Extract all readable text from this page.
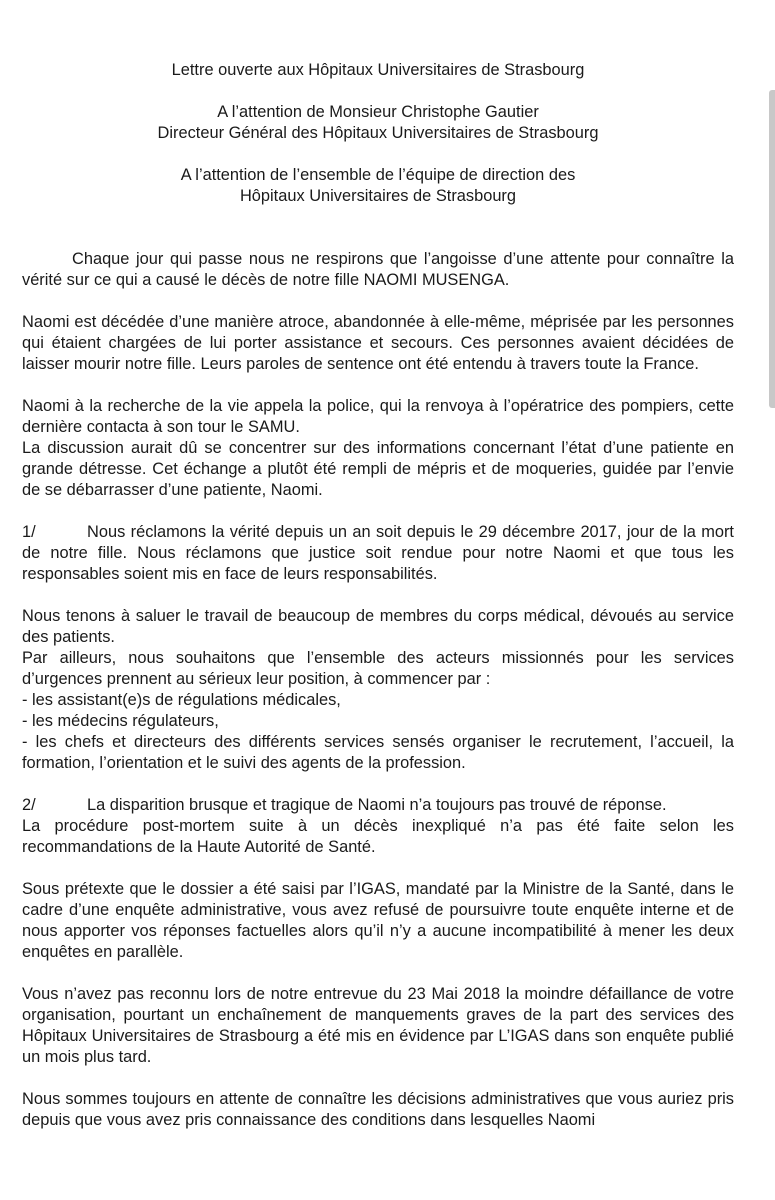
Lettre ouverte aux Hôpitaux Universitaires de Strasbourg

A l’attention de Monsieur Christophe Gautier

Directeur Général des Hôpitaux Universitaires de Strasbourg

A l’attention de l’ensemble de l’équipe de direction des

Hôpitaux Universitaires de Strasbourg

Chaque jour qui passe nous ne respirons que l’angoisse d’une attente pour connaître la vérité sur ce qui a causé le décès de notre fille NAOMI MUSENGA.

Naomi est décédée d’une manière atroce, abandonnée à elle-même, méprisée par les personnes qui étaient chargées de lui porter assistance et secours. Ces personnes avaient décidées de laisser mourir notre fille. Leurs paroles de sentence ont été entendu à travers toute la France.

Naomi à la recherche de la vie appela la police, qui la renvoya à l’opératrice des pompiers, cette dernière contacta à son tour le SAMU.

La discussion aurait dû se concentrer sur des informations concernant l’état d’une patiente en grande détresse. Cet échange a plutôt été rempli de mépris et de moqueries, guidée par l’envie de se débarrasser d’une patiente, Naomi.

1/	Nous réclamons la vérité depuis un an soit depuis le 29 décembre 2017, jour de la mort de notre fille. Nous réclamons que justice soit rendue pour notre Naomi et que tous les responsables soient mis en face de leurs responsabilités.

Nous tenons à saluer le travail de beaucoup de membres du corps médical, dévoués au service des patients.

Par ailleurs, nous souhaitons que l’ensemble des acteurs missionnés pour les services d’urgences prennent au sérieux leur position, à commencer par :

- les assistant(e)s de régulations médicales,

- les médecins régulateurs,

- les chefs et directeurs des différents services sensés organiser le recrutement, l’accueil, la formation, l’orientation et le suivi des agents de la profession.

2/	La disparition brusque et tragique de Naomi n’a toujours pas trouvé de réponse.

La procédure post-mortem suite à un décès inexpliqué n’a pas été faite selon les recommandations de la Haute Autorité de Santé.

Sous prétexte que le dossier a été saisi par l’IGAS, mandaté par la Ministre de la Santé, dans le cadre d’une enquête administrative, vous avez refusé de poursuivre toute enquête interne et de nous apporter vos réponses factuelles alors qu’il n’y a aucune incompatibilité à mener les deux enquêtes en parallèle.

Vous n’avez pas reconnu lors de notre entrevue du 23 Mai 2018 la moindre défaillance de votre organisation, pourtant un enchaînement de manquements graves de la part des services des Hôpitaux Universitaires de Strasbourg a été mis en évidence par L’IGAS dans son enquête publié un mois plus tard.

Nous sommes toujours en attente de connaître les décisions administratives que vous auriez pris depuis que vous avez pris connaissance des conditions dans lesquelles Naomi
